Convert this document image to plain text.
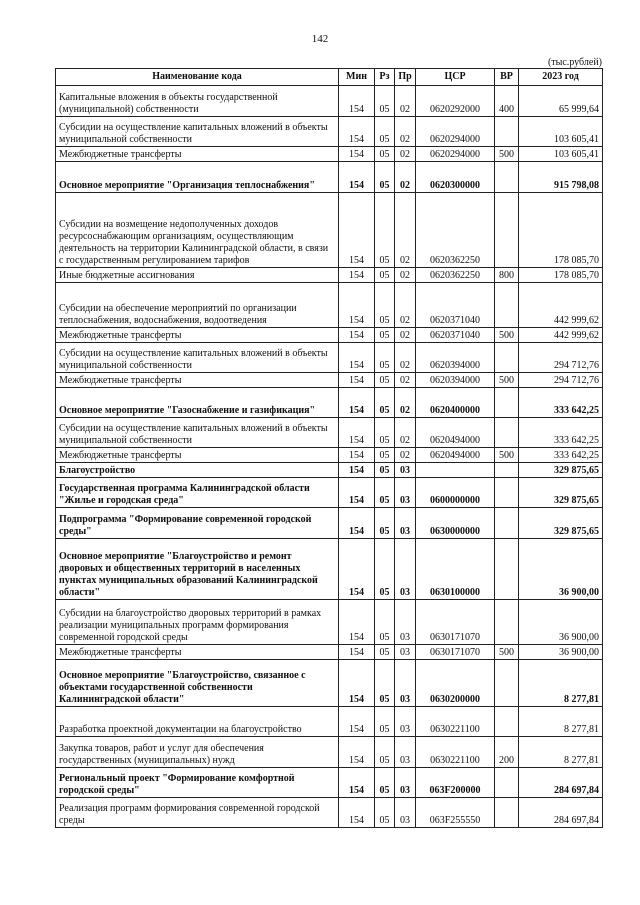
142
(тыс.рублей)
Наименование кода	Мин	Рз	Пр	ЦСР	ВР	2023 год
Капитальные вложения в объекты государственной (муниципальной) собственности	154	05	02	0620292000	400	65 999,64
Субсидии на осуществление капитальных вложений в объекты муниципальной собственности	154	05	02	0620294000		103 605,41
Межбюджетные трансферты	154	05	02	0620294000	500	103 605,41
Основное мероприятие "Организация теплоснабжения"	154	05	02	0620300000		915 798,08
Субсидии на возмещение недополученных доходов ресурсоснабжающим организациям, осуществляющим деятельность на территории Калининградской области, в связи с государственным регулированием тарифов	154	05	02	0620362250		178 085,70
Иные бюджетные ассигнования	154	05	02	0620362250	800	178 085,70
Субсидии на обеспечение мероприятий по организации теплоснабжения, водоснабжения, водоотведения	154	05	02	0620371040		442 999,62
Межбюджетные трансферты	154	05	02	0620371040	500	442 999,62
Субсидии на осуществление капитальных вложений в объекты муниципальной собственности	154	05	02	0620394000		294 712,76
Межбюджетные трансферты	154	05	02	0620394000	500	294 712,76
Основное мероприятие "Газоснабжение и газификация"	154	05	02	0620400000		333 642,25
Субсидии на осуществление капитальных вложений в объекты муниципальной собственности	154	05	02	0620494000		333 642,25
Межбюджетные трансферты	154	05	02	0620494000	500	333 642,25
Благоустройство	154	05	03			329 875,65
Государственная программа Калининградской области "Жилье и городская среда"	154	05	03	0600000000		329 875,65
Подпрограмма "Формирование современной городской среды"	154	05	03	0630000000		329 875,65
Основное мероприятие "Благоустройство и ремонт дворовых и общественных территорий в населенных пунктах муниципальных образований Калининградской области"	154	05	03	0630100000		36 900,00
Субсидии на благоустройство дворовых территорий в рамках реализации муниципальных программ формирования современной городской среды	154	05	03	0630171070		36 900,00
Межбюджетные трансферты	154	05	03	0630171070	500	36 900,00
Основное мероприятие "Благоустройство, связанное с объектами государственной собственности Калининградской области"	154	05	03	0630200000		8 277,81
Разработка проектной документации на благоустройство	154	05	03	0630221100		8 277,81
Закупка товаров, работ и услуг для обеспечения государственных (муниципальных) нужд	154	05	03	0630221100	200	8 277,81
Региональный проект "Формирование комфортной городской среды"	154	05	03	063F200000		284 697,84
Реализация программ формирования современной городской среды	154	05	03	063F255550		284 697,84
